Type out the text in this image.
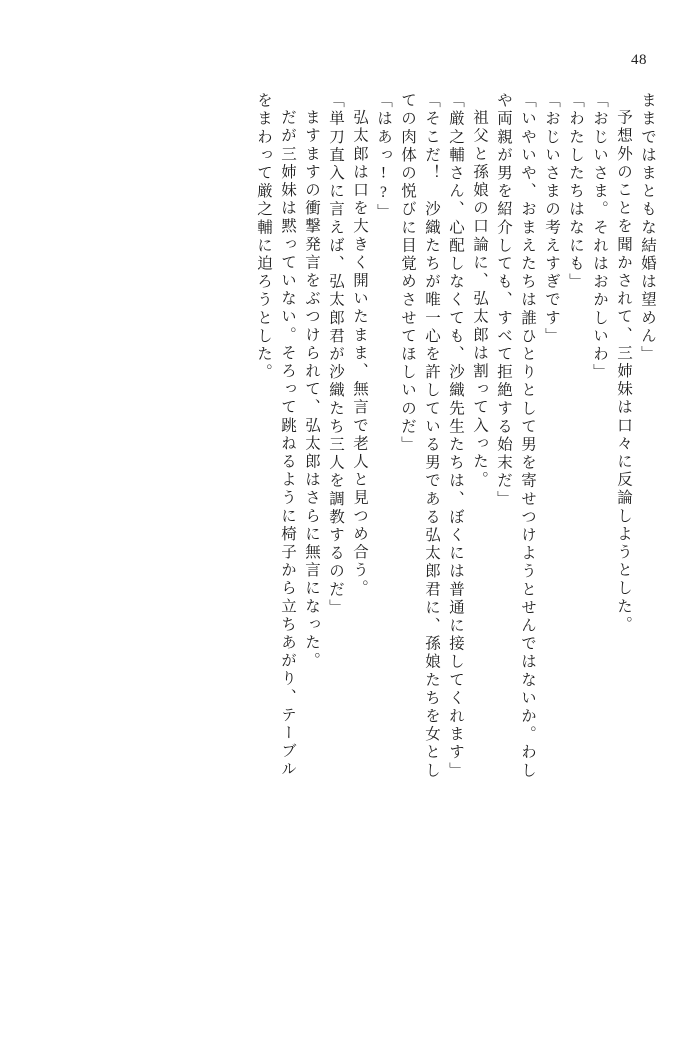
48
ままではまともな結婚は望めん」
予想外のことを聞かされて、三姉妹は口々に反論しようとした。
「おじいさま。それはおかしいわ」
「わたしたちはなにも」
「おじいさまの考えすぎです」
「いやいや、おまえたちは誰ひとりとして男を寄せつけようとせんではないか。わし
や両親が男を紹介しても、すべて拒絶する始末だ」
祖父と孫娘の口論に、弘太郎は割って入った。
「厳之輔さん、心配しなくても、沙織先生たちは、ぼくには普通に接してくれます」
「そこだ！　沙織たちが唯一心を許している男である弘太郎君に、孫娘たちを女とし
ての肉体の悦びに目覚めさせてほしいのだ」
「はあっ!?」
弘太郎は口を大きく開いたまま、無言で老人と見つめ合う。
「単刀直入に言えば、弘太郎君が沙織たち三人を調教するのだ」
ますますの衝撃発言をぶつけられて、弘太郎はさらに無言になった。
だが三姉妹は黙っていない。そろって跳ねるように椅子から立ちあがり、テーブル
をまわって厳之輔に迫ろうとした。
